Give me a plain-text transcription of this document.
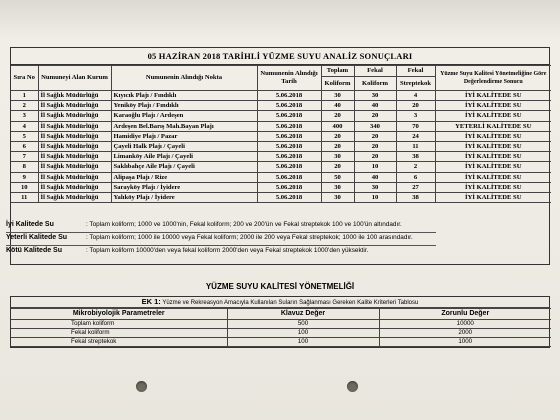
05 HAZİRAN 2018 TARİHLİ YÜZME SUYU ANALİZ SONUÇLARI
Sıra No	Numuneyi Alan Kurum	Numunenin Alındığı Nokta	Numunenin Alındığı Tarih	Toplam	Fekal	Fekal	Yüzme Suyu Kalitesi Yönetmeliğine Göre Değerlendirme Sonucu
				Koliform	Koliform	Streptekok	
1	İl Sağlık Müdürlüğü	Kıyıcık Plajı / Fındıklı	5.06.2018	30	30	4	İYİ KALİTEDE SU
2	İl Sağlık Müdürlüğü	Yeniköy Plajı / Fındıklı	5.06.2018	40	40	20	İYİ KALİTEDE SU
3	İl Sağlık Müdürlüğü	Karaoğlu Plajı / Ardeşen	5.06.2018	20	20	3	İYİ KALİTEDE SU
4	İl Sağlık Müdürlüğü	Ardeşen Bel.Barış Mah.Bayan Plajı	5.06.2018	400	340	70	YETERLİ KALİTEDE SU
5	İl Sağlık Müdürlüğü	Hamidiye Plajı / Pazar	5.06.2018	20	20	24	İYİ KALİTEDE SU
6	İl Sağlık Müdürlüğü	Çayeli Halk Plajı / Çayeli	5.06.2018	20	20	11	İYİ KALİTEDE SU
7	İl Sağlık Müdürlüğü	Limanköy Aile Plajı / Çayeli	5.06.2018	30	20	38	İYİ KALİTEDE SU
8	İl Sağlık Müdürlüğü	Saklıbahçe Aile Plajı / Çayeli	5.06.2018	20	10	2	İYİ KALİTEDE SU
9	İl Sağlık Müdürlüğü	Alipaşa Plajı / Rize	5.06.2018	50	40	6	İYİ KALİTEDE SU
10	İl Sağlık Müdürlüğü	Sarayköy Plajı / İyidere	5.06.2018	30	30	27	İYİ KALİTEDE SU
11	İl Sağlık Müdürlüğü	Yalıköy Plajı / İyidere	5.06.2018	30	10	38	İYİ KALİTEDE SU
İyi Kalitede Su	: Toplam koliform; 1000 ve 1000'nin, Fekal koliform; 200 ve 200'ün ve Fekal streptekok 100 ve 100'ün altındadır.
Yeterli Kalitede Su	: Toplam koliform; 1000 ile 10000 veya Fekal koliform; 2000 ile 200 veya Fekal streptekok; 1000 ile 100 arasındadır.
Kötü Kalitede Su	: Toplam koliform 10000'den veya fekal koliform 2000'den veya Fekal streptekok 1000'den yüksektir.
YÜZME SUYU KALİTESİ YÖNETMELİĞİ
EK 1: Yüzme ve Rekreasyon Amacıyla Kullanılan Suların Sağlanması Gereken Kalite Kriterleri Tablosu
Mikrobiyolojik Parametreler	Klavuz Değer	Zorunlu Değer
Toplam koliform	500	10000
Fekal koliform	100	2000
Fekal streptekok	100	1000
